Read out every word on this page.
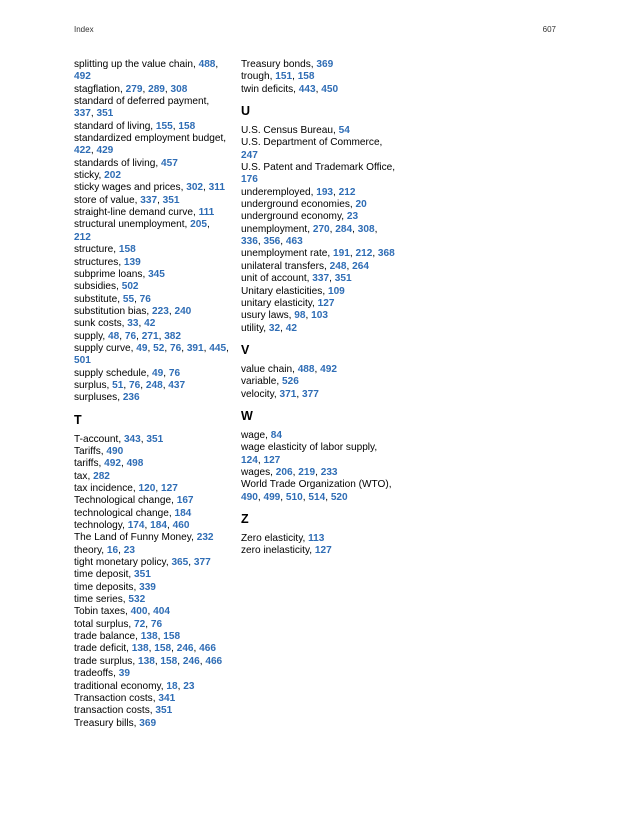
Index	607

splitting up the value chain, 488, 492

stagflation, 279, 289, 308

standard of deferred payment, 337, 351

standard of living, 155, 158

standardized employment budget, 422, 429

standards of living, 457

sticky, 202

sticky wages and prices, 302, 311

store of value, 337, 351

straight-line demand curve, 111

structural unemployment, 205, 212

structure, 158

structures, 139

subprime loans, 345

subsidies, 502

substitute, 55, 76

substitution bias, 223, 240

sunk costs, 33, 42

supply, 48, 76, 271, 382

supply curve, 49, 52, 76, 391, 445, 501

supply schedule, 49, 76

surplus, 51, 76, 248, 437

surpluses, 236

T

T-account, 343, 351

Tariffs, 490

tariffs, 492, 498

tax, 282

tax incidence, 120, 127

Technological change, 167

technological change, 184

technology, 174, 184, 460

The Land of Funny Money, 232

theory, 16, 23

tight monetary policy, 365, 377

time deposit, 351

time deposits, 339

time series, 532

Tobin taxes, 400, 404

total surplus, 72, 76

trade balance, 138, 158

trade deficit, 138, 158, 246, 466

trade surplus, 138, 158, 246, 466

tradeoffs, 39

traditional economy, 18, 23

Transaction costs, 341

transaction costs, 351

Treasury bills, 369

Treasury bonds, 369

trough, 151, 158

twin deficits, 443, 450

U

U.S. Census Bureau, 54

U.S. Department of Commerce, 247

U.S. Patent and Trademark Office, 176

underemployed, 193, 212

underground economies, 20

underground economy, 23

unemployment, 270, 284, 308, 336, 356, 463

unemployment rate, 191, 212, 368

unilateral transfers, 248, 264

unit of account, 337, 351

Unitary elasticities, 109

unitary elasticity, 127

usury laws, 98, 103

utility, 32, 42

V

value chain, 488, 492

variable, 526

velocity, 371, 377

W

wage, 84

wage elasticity of labor supply, 124, 127

wages, 206, 219, 233

World Trade Organization (WTO), 490, 499, 510, 514, 520

Z

Zero elasticity, 113

zero inelasticity, 127
